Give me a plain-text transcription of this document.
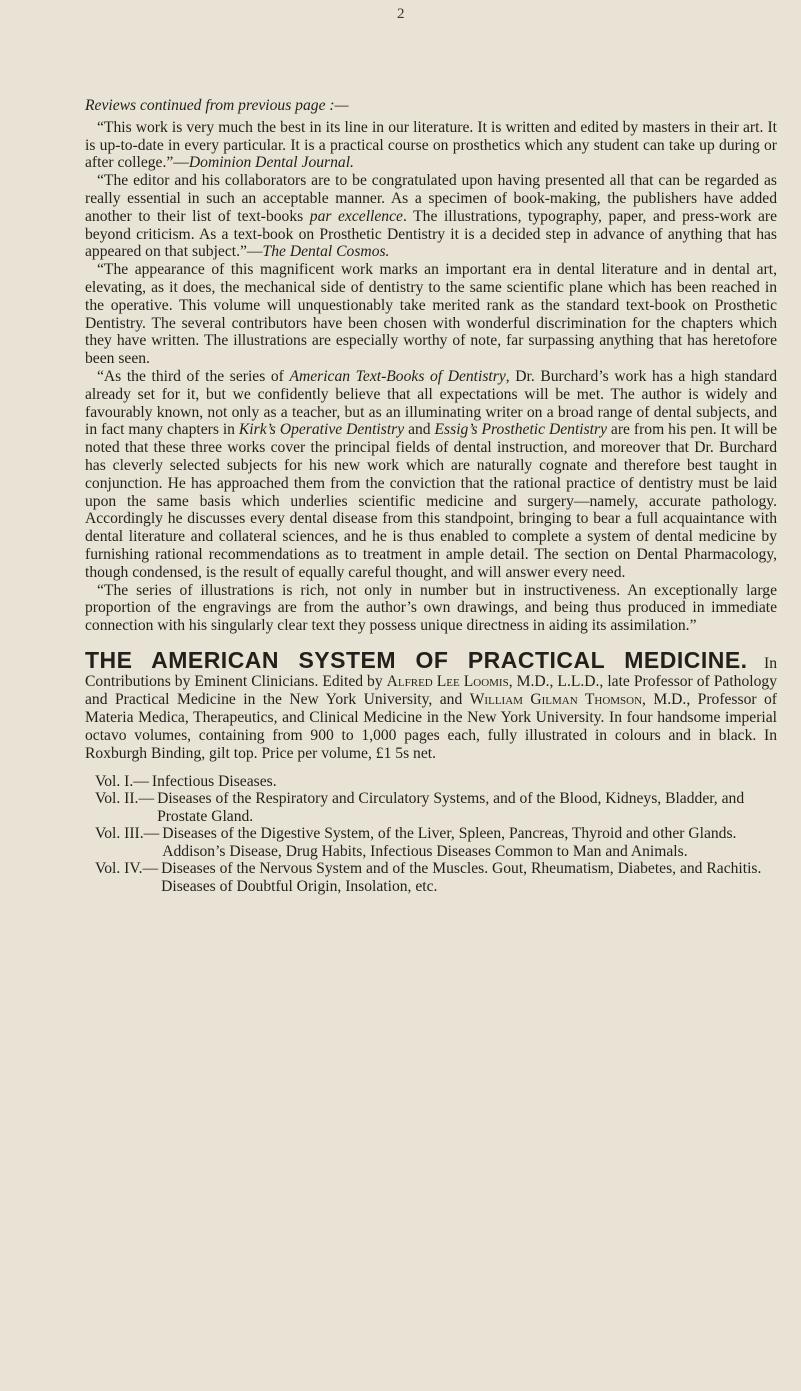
2

Reviews continued from previous page :—

“This work is very much the best in its line in our literature. It is written and edited by masters in their art. It is up-to-date in every particular. It is a practical course on prosthetics which any student can take up during or after college.”—Dominion Dental Journal.

“The editor and his collaborators are to be congratulated upon having presented all that can be regarded as really essential in such an acceptable manner. As a specimen of book-making, the publishers have added another to their list of text-books par excellence. The illustrations, typography, paper, and press-work are beyond criticism. As a text-book on Prosthetic Dentistry it is a decided step in advance of anything that has appeared on that subject.”—The Dental Cosmos.

“The appearance of this magnificent work marks an important era in dental literature and in dental art, elevating, as it does, the mechanical side of dentistry to the same scientific plane which has been reached in the operative. This volume will unquestionably take merited rank as the standard text-book on Prosthetic Dentistry. The several contributors have been chosen with wonderful discrimination for the chapters which they have written. The illustrations are especially worthy of note, far surpassing anything that has heretofore been seen.

“As the third of the series of American Text-Books of Dentistry, Dr. Burchard’s work has a high standard already set for it, but we confidently believe that all expectations will be met. The author is widely and favourably known, not only as a teacher, but as an illuminating writer on a broad range of dental subjects, and in fact many chapters in Kirk’s Operative Dentistry and Essig’s Prosthetic Dentistry are from his pen. It will be noted that these three works cover the principal fields of dental instruction, and moreover that Dr. Burchard has cleverly selected subjects for his new work which are naturally cognate and therefore best taught in conjunction. He has approached them from the conviction that the rational practice of dentistry must be laid upon the same basis which underlies scientific medicine and surgery—namely, accurate pathology. Accordingly he discusses every dental disease from this standpoint, bringing to bear a full acquaintance with dental literature and collateral sciences, and he is thus enabled to complete a system of dental medicine by furnishing rational recommendations as to treatment in ample detail. The section on Dental Pharmacology, though condensed, is the result of equally careful thought, and will answer every need.

“The series of illustrations is rich, not only in number but in instructiveness. An exceptionally large proportion of the engravings are from the author’s own drawings, and being thus produced in immediate connection with his singularly clear text they possess unique directness in aiding its assimilation.”

THE AMERICAN SYSTEM OF PRACTICAL MEDICINE. In Contributions by Eminent Clinicians. Edited by Alfred Lee Loomis, M.D., L.L.D., late Professor of Pathology and Practical Medicine in the New York University, and William Gilman Thomson, M.D., Professor of Materia Medica, Therapeutics, and Clinical Medicine in the New York University. In four handsome imperial octavo volumes, containing from 900 to 1,000 pages each, fully illustrated in colours and in black. In Roxburgh Binding, gilt top. Price per volume, £1 5s net.
Vol. I.— Infectious Diseases.
Vol. II.— Diseases of the Respiratory and Circulatory Systems, and of the Blood, Kidneys, Bladder, and Prostate Gland.
Vol. III.— Diseases of the Digestive System, of the Liver, Spleen, Pancreas, Thyroid and other Glands. Addison’s Disease, Drug Habits, Infectious Diseases Common to Man and Animals.
Vol. IV.— Diseases of the Nervous System and of the Muscles. Gout, Rheumatism, Diabetes, and Rachitis. Diseases of Doubtful Origin, Insolation, etc.
